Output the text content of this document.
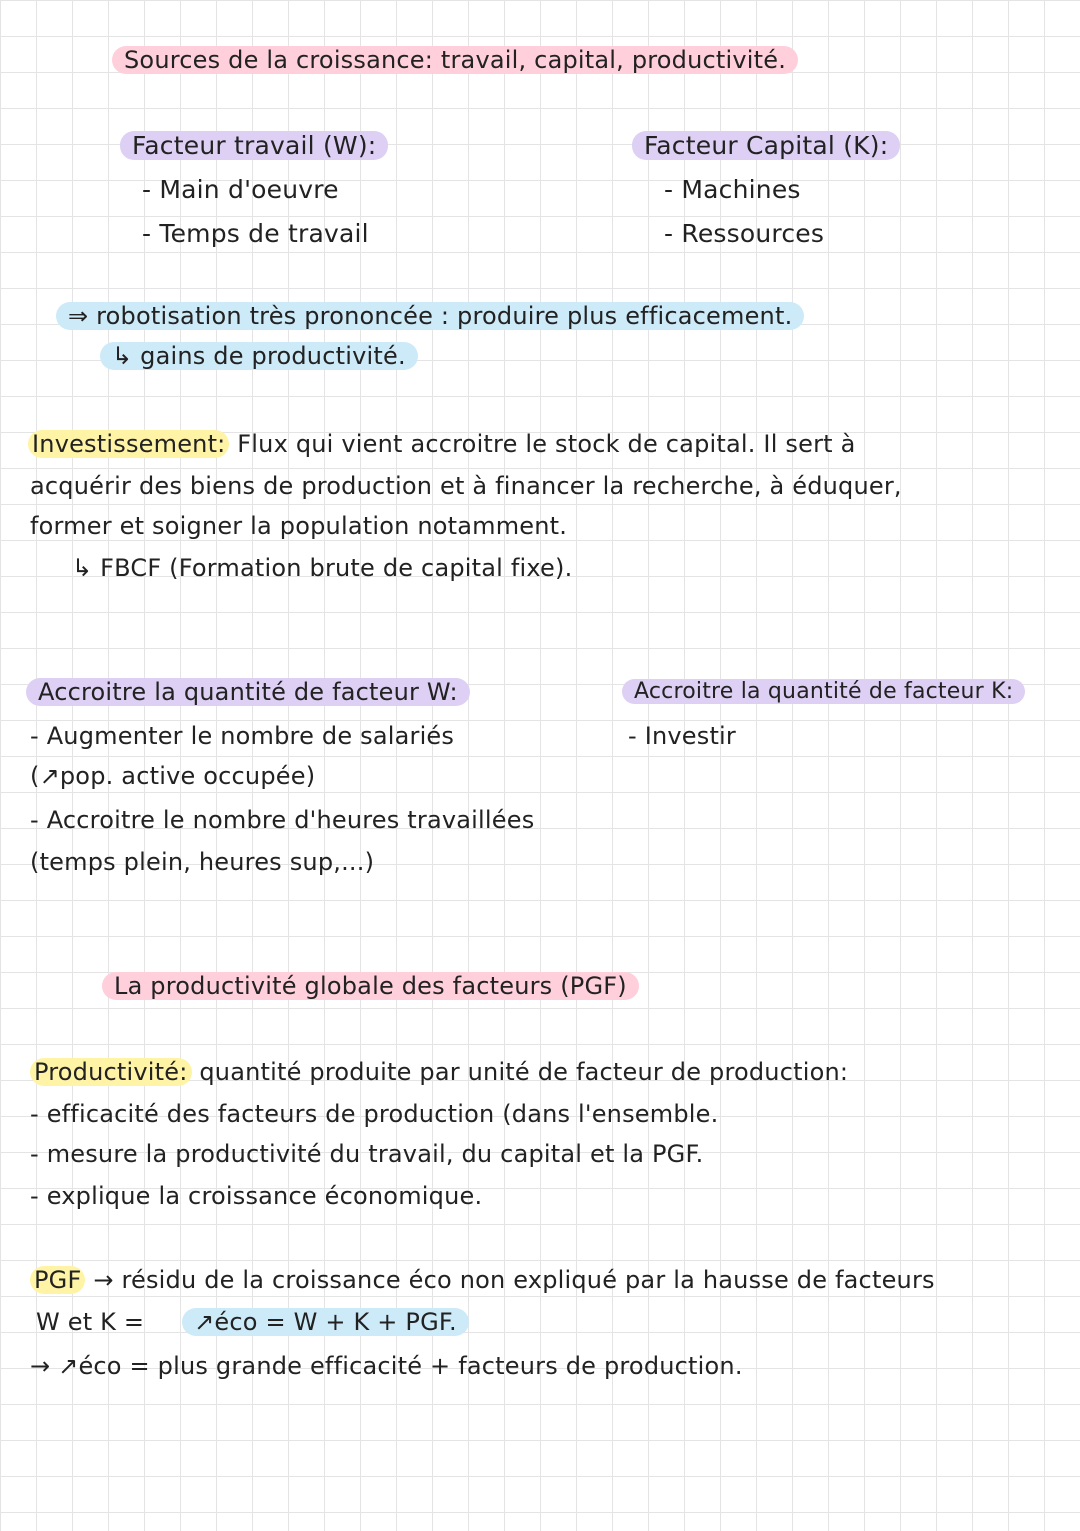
Sources de la croissance: travail, capital, productivité.
Facteur travail (W):
- Main d'oeuvre
- Temps de travail
Facteur Capital (K):
- Machines
- Ressources
⇒ robotisation très prononcée : produire plus efficacement.
↳ gains de productivité.
Investissement: Flux qui vient accroitre le stock de capital. Il sert à
acquérir des biens de production et à financer la recherche, à éduquer,
former et soigner la population notamment.
↳ FBCF (Formation brute de capital fixe).
Accroitre la quantité de facteur W:
- Augmenter le nombre de salariés
(↗pop. active occupée)
- Accroitre le nombre d'heures travaillées
(temps plein, heures sup,...)
Accroitre la quantité de facteur K:
- Investir
La productivité globale des facteurs (PGF)
Productivité: quantité produite par unité de facteur de production:
- efficacité des facteurs de production (dans l'ensemble.
- mesure la productivité du travail, du capital et la PGF.
- explique la croissance économique.
PGF → résidu de la croissance éco non expliqué par la hausse de facteurs
W et K = ↗éco = W + K + PGF.
→ ↗éco = plus grande efficacité + facteurs de production.
